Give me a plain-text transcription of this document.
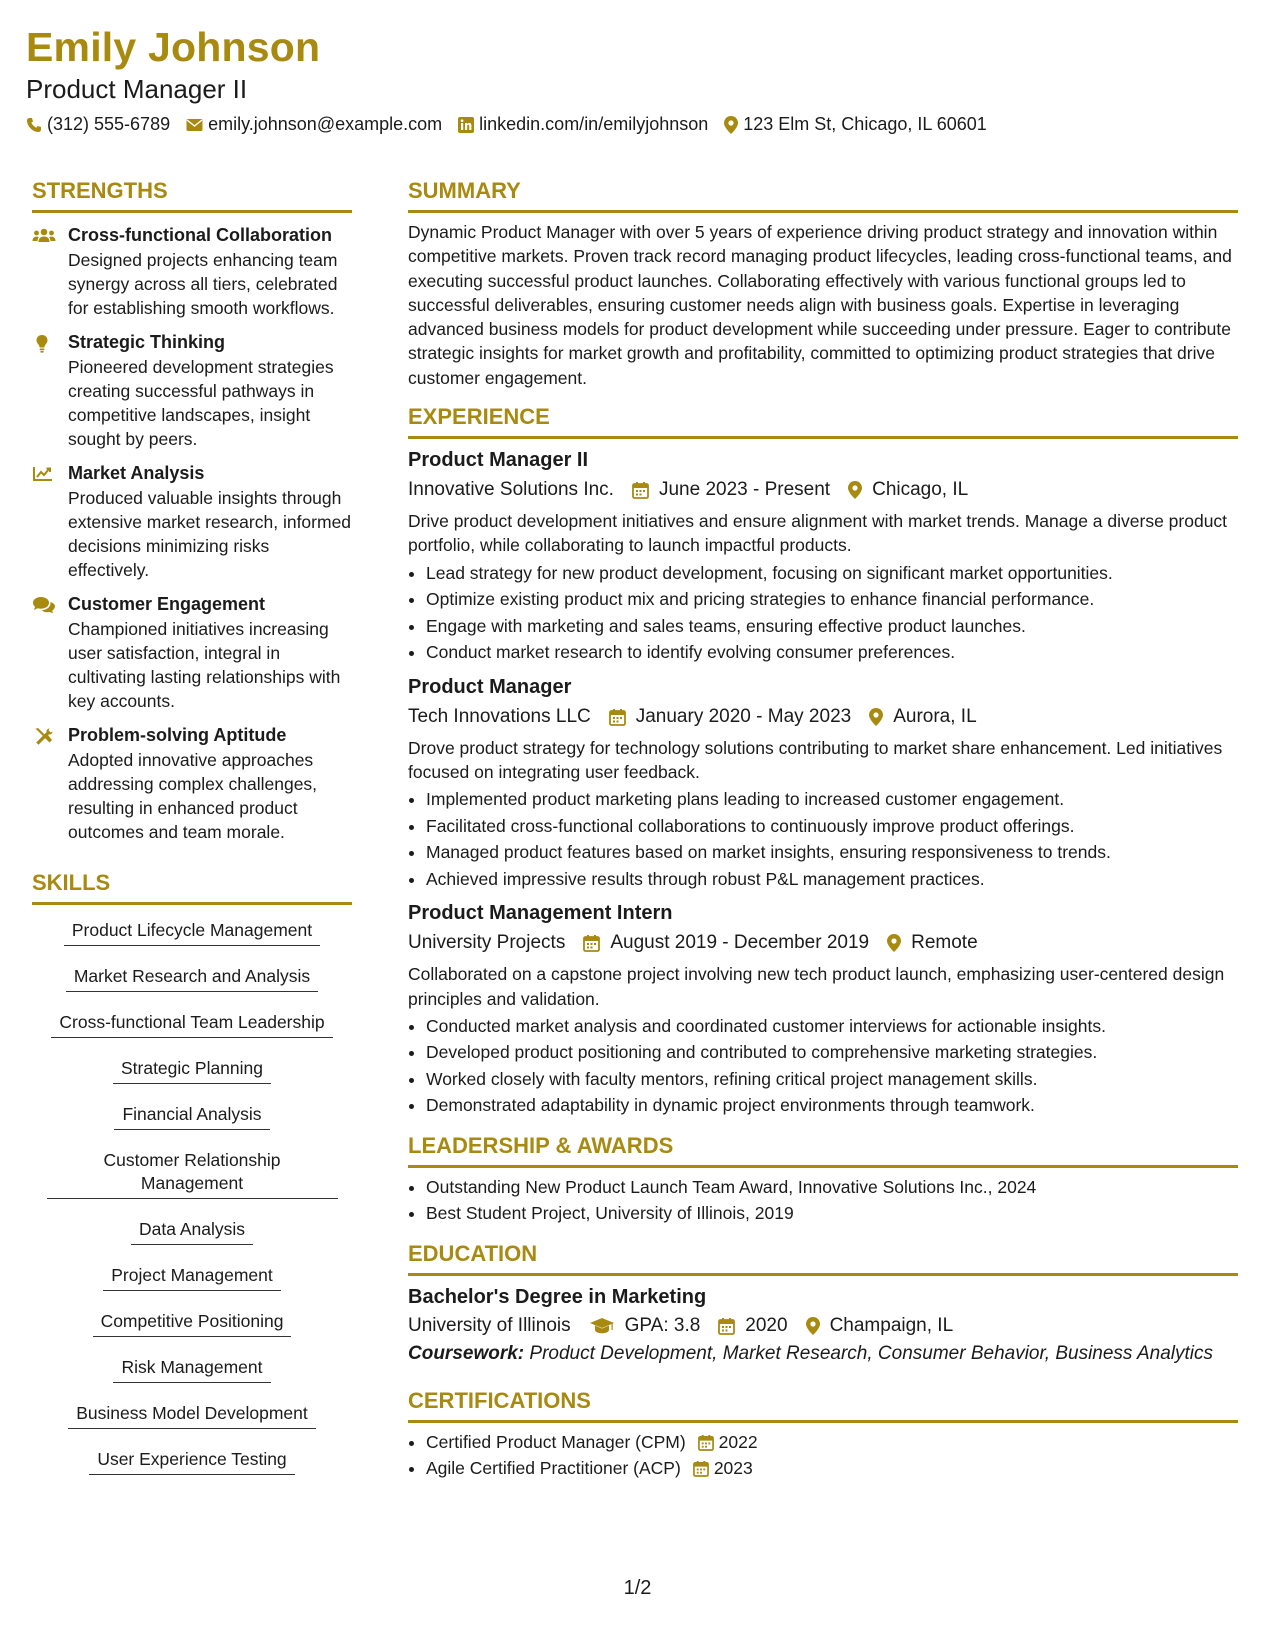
Emily Johnson
Product Manager II
(312) 555-6789 emily.johnson@example.com linkedin.com/in/emilyjohnson 123 Elm St, Chicago, IL 60601
STRENGTHS
Cross-functional Collaboration
Designed projects enhancing team synergy across all tiers, celebrated for establishing smooth workflows.
Strategic Thinking
Pioneered development strategies creating successful pathways in competitive landscapes, insight sought by peers.
Market Analysis
Produced valuable insights through extensive market research, informed decisions minimizing risks effectively.
Customer Engagement
Championed initiatives increasing user satisfaction, integral in cultivating lasting relationships with key accounts.
Problem-solving Aptitude
Adopted innovative approaches addressing complex challenges, resulting in enhanced product outcomes and team morale.
SKILLS
Product Lifecycle Management
Market Research and Analysis
Cross-functional Team Leadership
Strategic Planning
Financial Analysis
Customer Relationship Management
Data Analysis
Project Management
Competitive Positioning
Risk Management
Business Model Development
User Experience Testing
SUMMARY
Dynamic Product Manager with over 5 years of experience driving product strategy and innovation within competitive markets. Proven track record managing product lifecycles, leading cross-functional teams, and executing successful product launches. Collaborating effectively with various functional groups led to successful deliverables, ensuring customer needs align with business goals. Expertise in leveraging advanced business models for product development while succeeding under pressure. Eager to contribute strategic insights for market growth and profitability, committed to optimizing product strategies that drive customer engagement.
EXPERIENCE
Product Manager II
Innovative Solutions Inc. June 2023 - Present Chicago, IL
Drive product development initiatives and ensure alignment with market trends. Manage a diverse product portfolio, while collaborating to launch impactful products.
• Lead strategy for new product development, focusing on significant market opportunities.
• Optimize existing product mix and pricing strategies to enhance financial performance.
• Engage with marketing and sales teams, ensuring effective product launches.
• Conduct market research to identify evolving consumer preferences.
Product Manager
Tech Innovations LLC January 2020 - May 2023 Aurora, IL
Drove product strategy for technology solutions contributing to market share enhancement. Led initiatives focused on integrating user feedback.
• Implemented product marketing plans leading to increased customer engagement.
• Facilitated cross-functional collaborations to continuously improve product offerings.
• Managed product features based on market insights, ensuring responsiveness to trends.
• Achieved impressive results through robust P&L management practices.
Product Management Intern
University Projects August 2019 - December 2019 Remote
Collaborated on a capstone project involving new tech product launch, emphasizing user-centered design principles and validation.
• Conducted market analysis and coordinated customer interviews for actionable insights.
• Developed product positioning and contributed to comprehensive marketing strategies.
• Worked closely with faculty mentors, refining critical project management skills.
• Demonstrated adaptability in dynamic project environments through teamwork.
LEADERSHIP & AWARDS
• Outstanding New Product Launch Team Award, Innovative Solutions Inc., 2024
• Best Student Project, University of Illinois, 2019
EDUCATION
Bachelor's Degree in Marketing
University of Illinois	GPA: 3.8 2020 Champaign, IL
Coursework: Product Development, Market Research, Consumer Behavior, Business Analytics
CERTIFICATIONS
• Certified Product Manager (CPM) 2022
• Agile Certified Practitioner (ACP) 2023
1/2
